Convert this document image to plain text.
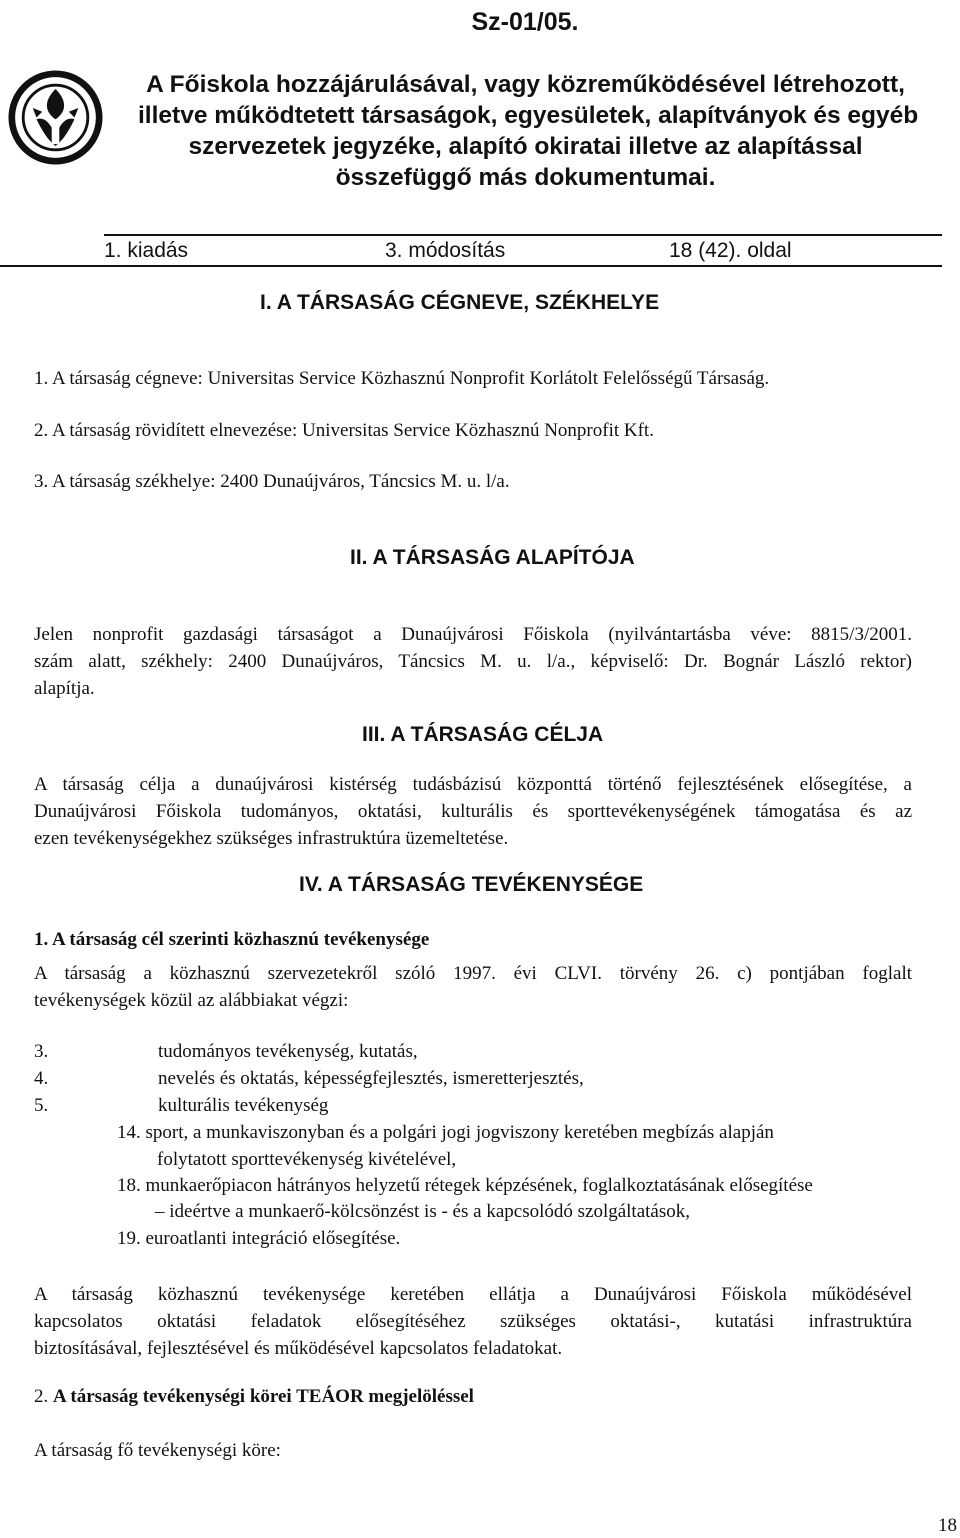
Sz-01/05.
A Főiskola hozzájárulásával, vagy közreműködésével létrehozott,
illetve működtetett társaságok, egyesületek, alapítványok és egyéb
szervezetek jegyzéke, alapító okiratai illetve az alapítással
összefüggő más dokumentumai.
1. kiadás	3. módosítás	18 (42). oldal
I. A TÁRSASÁG CÉGNEVE, SZÉKHELYE
1. A társaság cégneve: Universitas Service Közhasznú Nonprofit Korlátolt Felelősségű Társaság.
2. A társaság rövidített elnevezése: Universitas Service Közhasznú Nonprofit Kft.
3. A társaság székhelye: 2400 Dunaújváros, Táncsics M. u. l/a.
II. A TÁRSASÁG ALAPÍTÓJA
Jelen nonprofit gazdasági társaságot a Dunaújvárosi Főiskola (nyilvántartásba véve: 8815/3/2001.
szám alatt, székhely: 2400 Dunaújváros, Táncsics M. u. l/a., képviselő: Dr. Bognár László rektor)
alapítja.
III. A TÁRSASÁG CÉLJA
A társaság célja a dunaújvárosi kistérség tudásbázisú központtá történő fejlesztésének elősegítése, a
Dunaújvárosi Főiskola tudományos, oktatási, kulturális és sporttevékenységének támogatása és az
ezen tevékenységekhez szükséges infrastruktúra üzemeltetése.
IV. A TÁRSASÁG TEVÉKENYSÉGE
1. A társaság cél szerinti közhasznú tevékenysége
A társaság a közhasznú szervezetekről szóló 1997. évi CLVI. törvény 26. c) pontjában foglalt
tevékenységek közül az alábbiakat végzi:
3.	tudományos tevékenység, kutatás,
4.	nevelés és oktatás, képességfejlesztés, ismeretterjesztés,
5.	kulturális tevékenység
14. sport, a munkaviszonyban és a polgári jogi jogviszony keretében megbízás alapján
folytatott sporttevékenység kivételével,
18. munkaerőpiacon hátrányos helyzetű rétegek képzésének, foglalkoztatásának elősegítése
– ideértve a munkaerő-kölcsönzést is - és a kapcsolódó szolgáltatások,
19. euroatlanti integráció elősegítése.
A társaság közhasznú tevékenysége keretében ellátja a Dunaújvárosi Főiskola működésével
kapcsolatos oktatási feladatok elősegítéséhez szükséges oktatási-, kutatási infrastruktúra
biztosításával, fejlesztésével és működésével kapcsolatos feladatokat.
2. A társaság tevékenységi körei TEÁOR megjelöléssel
A társaság fő tevékenységi köre:
18
